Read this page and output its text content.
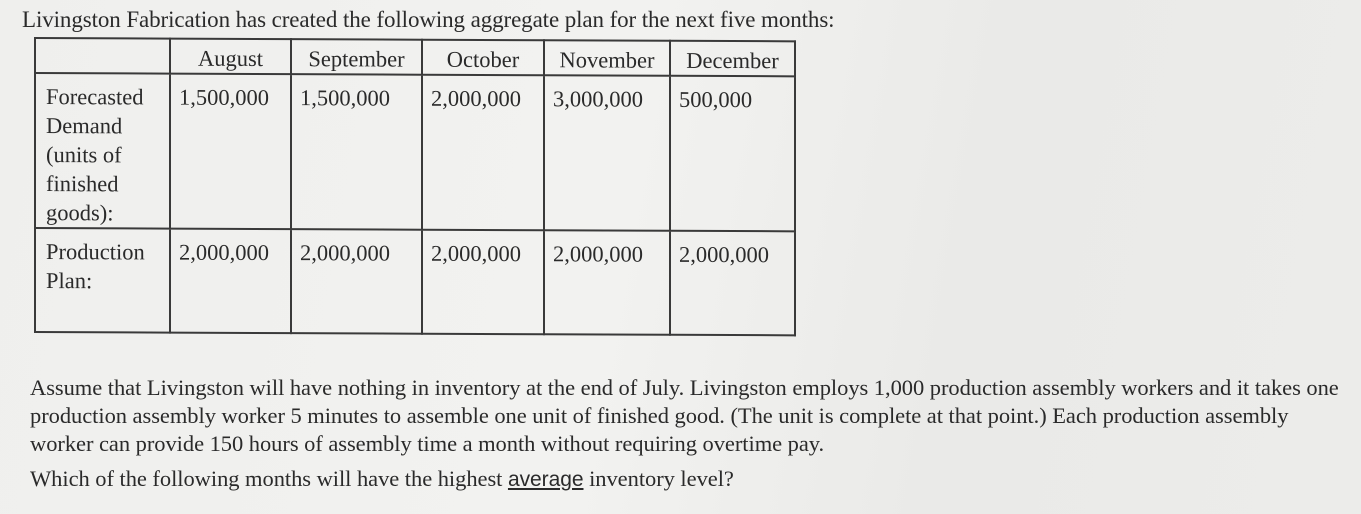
Livingston Fabrication has created the following aggregate plan for the next five months:
	August	September	October	November	December
Forecasted Demand (units of finished goods):	1,500,000	1,500,000	2,000,000	3,000,000	500,000
Production Plan:	2,000,000	2,000,000	2,000,000	2,000,000	2,000,000

Assume that Livingston will have nothing in inventory at the end of July. Livingston employs 1,000 production assembly workers and it takes one production assembly worker 5 minutes to assemble one unit of finished good. (The unit is complete at that point.) Each production assembly worker can provide 150 hours of assembly time a month without requiring overtime pay.

Which of the following months will have the highest average inventory level?
